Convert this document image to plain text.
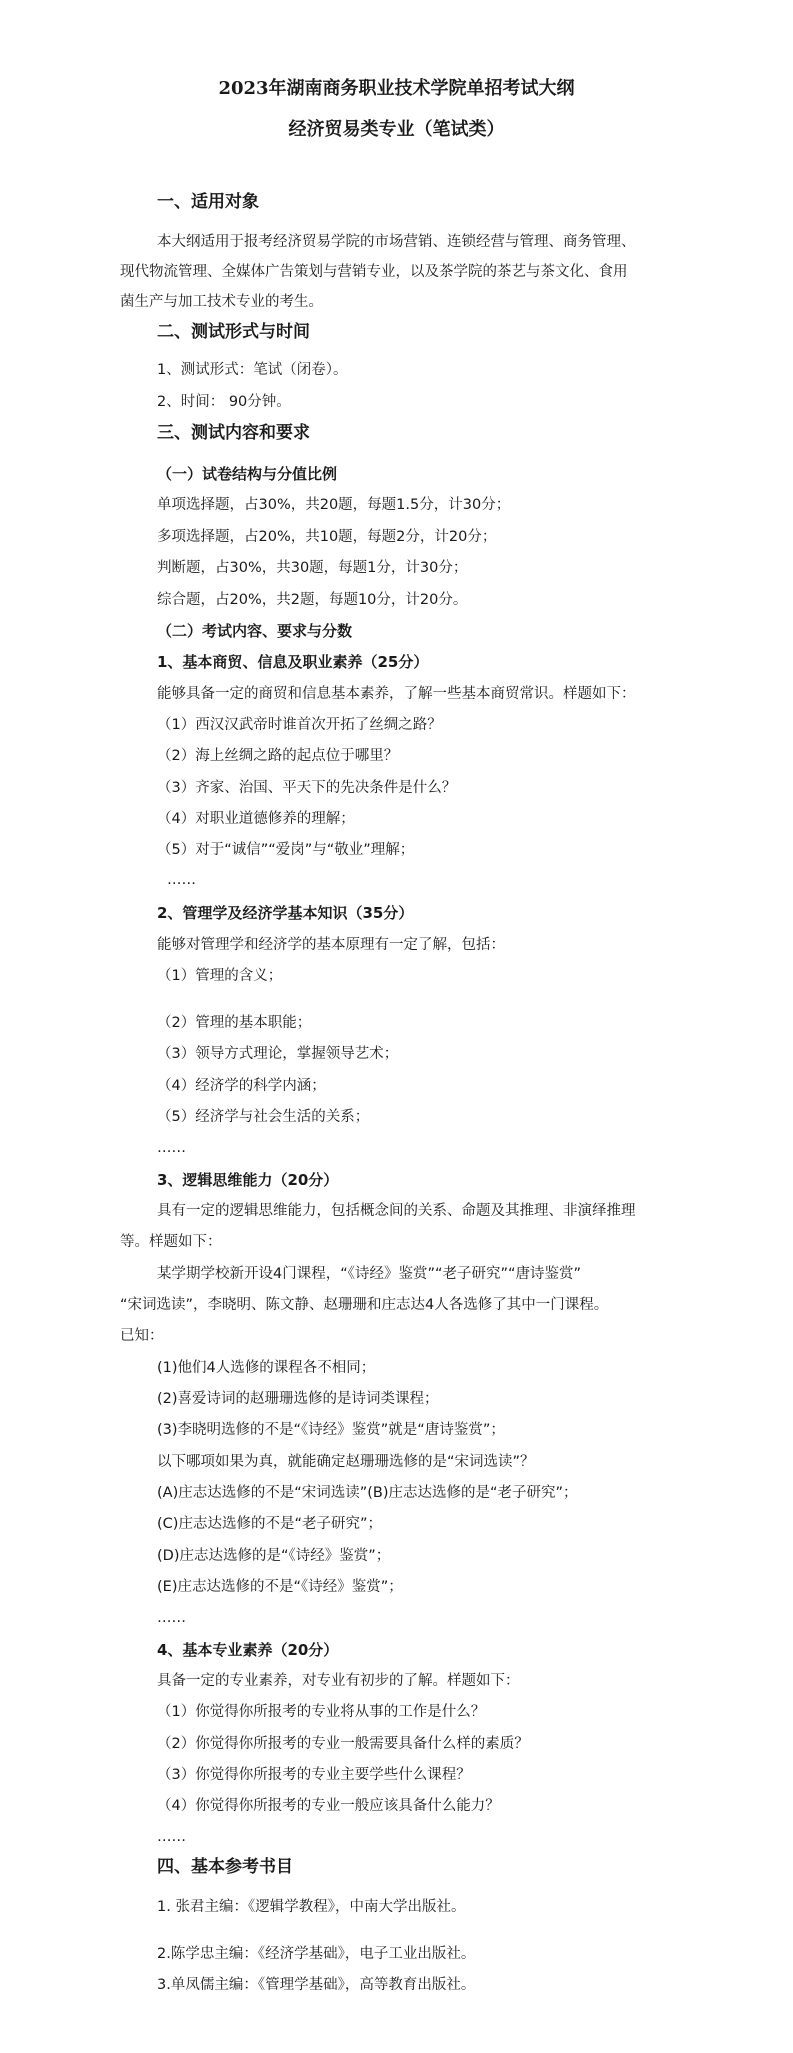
2023年湖南商务职业技术学院单招考试大纲
经济贸易类专业（笔试类）
一、适用对象
本大纲适用于报考经济贸易学院的市场营销、连锁经营与管理、商务管理、
现代物流管理、全媒体广告策划与营销专业，以及茶学院的茶艺与茶文化、食用
菌生产与加工技术专业的考生。
二、测试形式与时间
1、测试形式：笔试（闭卷）。
2、时间： 90分钟。
三、测试内容和要求
（一）试卷结构与分值比例
单项选择题，占30%，共20题，每题1.5分，计30分；
多项选择题，占20%，共10题，每题2分，计20分；
判断题，占30%，共30题，每题1分，计30分；
综合题，占20%，共2题，每题10分，计20分。
（二）考试内容、要求与分数
1、基本商贸、信息及职业素养（25分）
能够具备一定的商贸和信息基本素养，了解一些基本商贸常识。样题如下：
（1）西汉汉武帝时谁首次开拓了丝绸之路？
（2）海上丝绸之路的起点位于哪里？
（3）齐家、治国、平天下的先决条件是什么？
（4）对职业道德修养的理解；
（5）对于“诚信”“爱岗”与“敬业”理解；
……
2、管理学及经济学基本知识（35分）
能够对管理学和经济学的基本原理有一定了解，包括：
（1）管理的含义；
（2）管理的基本职能；
（3）领导方式理论，掌握领导艺术；
（4）经济学的科学内涵；
（5）经济学与社会生活的关系；
……
3、逻辑思维能力（20分）
具有一定的逻辑思维能力，包括概念间的关系、命题及其推理、非演绎推理
等。样题如下：
某学期学校新开设4门课程，“《诗经》鉴赏”“老子研究”“唐诗鉴赏”
“宋词选读”，李晓明、陈文静、赵珊珊和庄志达4人各选修了其中一门课程。
已知：
(1)他们4人选修的课程各不相同；
(2)喜爱诗词的赵珊珊选修的是诗词类课程；
(3)李晓明选修的不是“《诗经》鉴赏”就是“唐诗鉴赏”；
以下哪项如果为真，就能确定赵珊珊选修的是“宋词选读”？
(A)庄志达选修的不是“宋词选读”(B)庄志达选修的是“老子研究”；
(C)庄志达选修的不是“老子研究”；
(D)庄志达选修的是“《诗经》鉴赏”；
(E)庄志达选修的不是“《诗经》鉴赏”；
……
4、基本专业素养（20分）
具备一定的专业素养，对专业有初步的了解。样题如下：
（1）你觉得你所报考的专业将从事的工作是什么？
（2）你觉得你所报考的专业一般需要具备什么样的素质？
（3）你觉得你所报考的专业主要学些什么课程？
（4）你觉得你所报考的专业一般应该具备什么能力？
……
四、基本参考书目
1. 张君主编：《逻辑学教程》，中南大学出版社。
2.陈学忠主编：《经济学基础》，电子工业出版社。
3.单凤儒主编：《管理学基础》，高等教育出版社。
